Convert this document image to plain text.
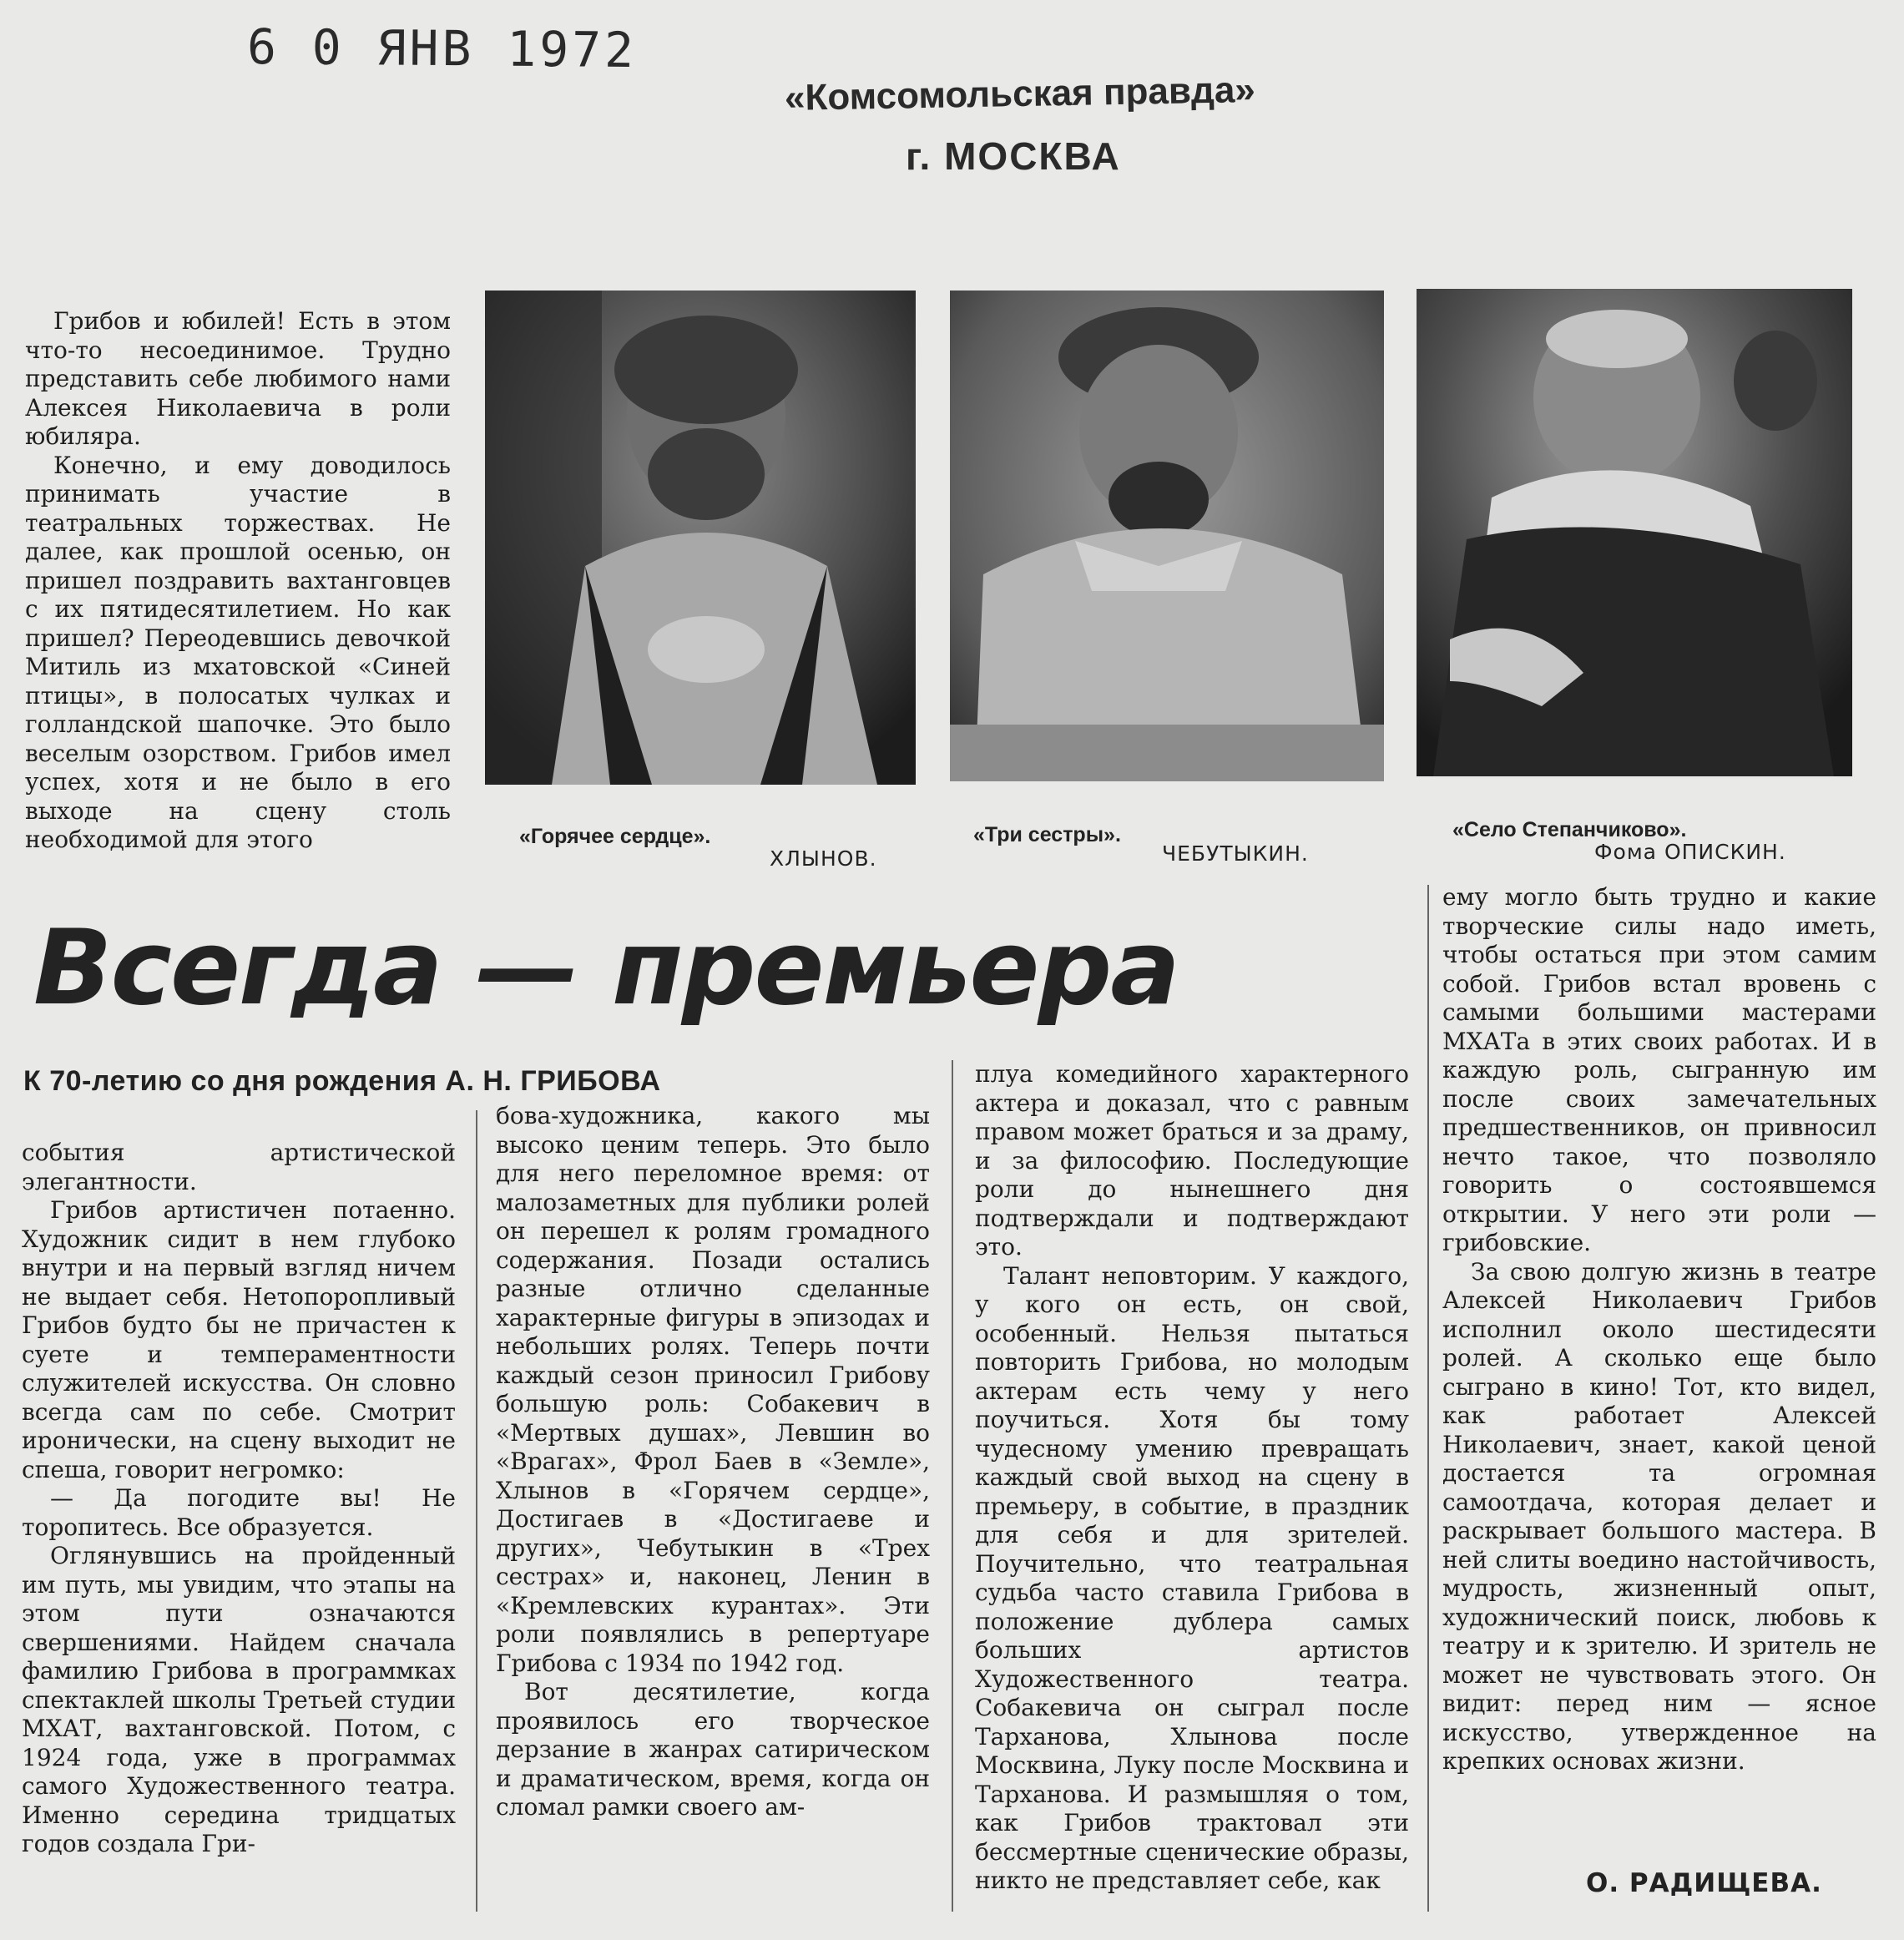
6 0 ЯНВ 1972
«Комсомольская правда»
г. МОСКВА

Грибов и юбилей! Есть в этом что-то несоединимое. Трудно представить себе любимого нами Алексея Николаевича в роли юбиляра.

Конечно, и ему доводилось принимать участие в театральных торжествах. Не далее, как прошлой осенью, он пришел поздравить вахтанговцев с их пятидесятилетием. Но как пришел? Переодевшись девочкой Митиль из мхатовской «Синей птицы», в полосатых чулках и голландской шапочке. Это было веселым озорством. Грибов имел успех, хотя и не было в его выходе на сцену столь необходимой для этого	«Горячее сердце».
ХЛЫНОВ.
«Три сестры».
ЧЕБУТЫКИН.
«Село Степанчиково».
Фома ОПИСКИН.
Всегда — премьера
К 70-летию со дня рождения А. Н. ГРИБОВА

события артистической элегантности.

Грибов артистичен потаенно. Художник сидит в нем глубоко внутри и на первый взгляд ничем не выдает себя. Нетопоропливый Грибов будто бы не причастен к суете и темпераментности служителей искусства. Он словно всегда сам по себе. Смотрит иронически, на сцену выходит не спеша, говорит негромко:

— Да погодите вы! Не торопитесь. Все образуется.

Оглянувшись на пройденный им путь, мы увидим, что этапы на этом пути означаются свершениями. Найдем сначала фамилию Грибова в программках спектаклей школы Третьей студии МХАТ, вахтанговской. Потом, с 1924 года, уже в программах самого Художественного театра. Именно середина тридцатых годов создала Гри-

бова-художника, какого мы высоко ценим теперь. Это было для него переломное время: от малозаметных для публики ролей он перешел к ролям громадного содержания. Позади остались разные отлично сделанные характерные фигуры в эпизодах и небольших ролях. Теперь почти каждый сезон приносил Грибову большую роль: Собакевич в «Мертвых душах», Левшин во «Врагах», Фрол Баев в «Земле», Хлынов в «Горячем сердце», Достигаев в «Достигаеве и других», Чебутыкин в «Трех сестрах» и, наконец, Ленин в «Кремлевских курантах». Эти роли появлялись в репертуаре Грибова с 1934 по 1942 год.

Вот десятилетие, когда проявилось его творческое дерзание в жанрах сатирическом и драматическом, время, когда он сломал рамки своего ам-

плуа комедийного характерного актера и доказал, что с равным правом может браться и за драму, и за философию. Последующие роли до нынешнего дня подтверждали и подтверждают это.

Талант неповторим. У каждого, у кого он есть, он свой, особенный. Нельзя пытаться повторить Грибова, но молодым актерам есть чему у него поучиться. Хотя бы тому чудесному умению превращать каждый свой выход на сцену в премьеру, в событие, в праздник для себя и для зрителей. Поучительно, что театральная судьба часто ставила Грибова в положение дублера самых больших артистов Художественного театра. Собакевича он сыграл после Тарханова, Хлынова после Москвина, Луку после Москвина и Тарханова. И размышляя о том, как Грибов трактовал эти бессмертные сценические образы, никто не представляет себе, как

ему могло быть трудно и какие творческие силы надо иметь, чтобы остаться при этом самим собой. Грибов встал вровень с самыми большими мастерами МХАТа в этих своих работах. И в каждую роль, сыгранную им после своих замечательных предшественников, он привносил нечто такое, что позволяло говорить о состоявшемся открытии. У него эти роли — грибовские.

За свою долгую жизнь в театре Алексей Николаевич Грибов исполнил около шестидесяти ролей. А сколько еще было сыграно в кино! Тот, кто видел, как работает Алексей Николаевич, знает, какой ценой достается та огромная самоотдача, которая делает и раскрывает большого мастера. В ней слиты воедино настойчивость, мудрость, жизненный опыт, художнический поиск, любовь к театру и к зрителю. И зритель не может не чувствовать этого. Он видит: перед ним — ясное искусство, утвержденное на крепких основах жизни.

О. РАДИЩЕВА.
